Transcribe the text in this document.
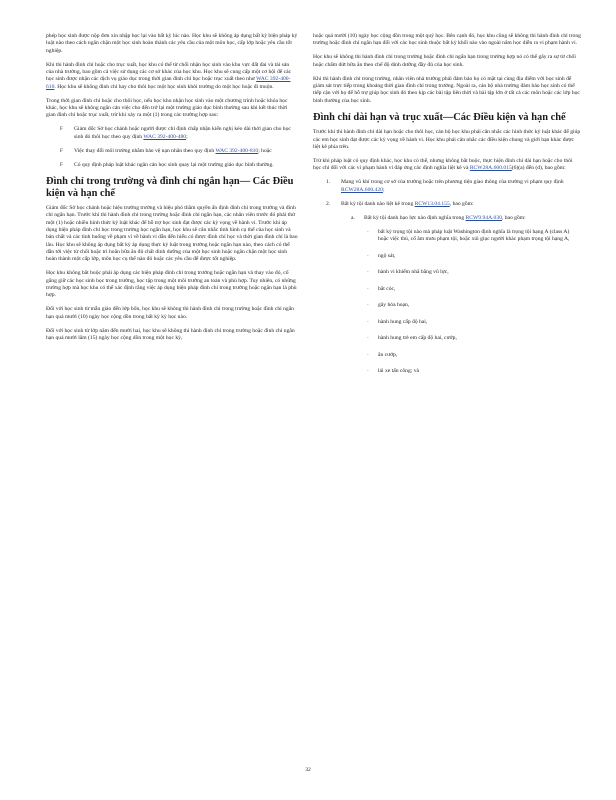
phép học sinh được nộp đơn xin nhập học lại vào bất kỳ lúc nào. Học khu sẽ không áp dụng bất kỳ biện pháp kỷ luật nào theo cách ngăn chặn một học sinh hoàn thành các yêu cầu của một môn học, cấp lớp hoặc yêu cầu tốt nghiệp.

Khi thi hành đình chỉ hoặc cho trục xuất, học khu có thể từ chối nhận học sinh vào khu vực đất đai và tài sản của nhà trường, bao gồm cả việc sử dụng các cơ sở khác của học khu. Học khu sẽ cung cấp một cơ hội để các học sinh được nhận các dịch vụ giáo dục trong thời gian đình chỉ học hoặc trục xuất theo như WAC 392-400-610. Học khu sẽ không đình chỉ hay cho thôi học một học sinh khỏi trường do một học hoặc đi muộn.

Trong thời gian đình chỉ hoặc cho thôi học, nếu học khu nhận học sinh vào một chương trình hoặc khóa học khác, học khu sẽ không ngăn cản việc cho đến trở lại một trường giáo dục bình thường sau khi kết thúc thời gian đình chỉ hoặc trục xuất, trừ khi xảy ra một (1) trong các trường hợp sau:

F Giám đốc Sở học chánh hoặc người được chỉ định chấp nhận kiến nghị kéo dài thời gian cho học sinh đó thôi học theo quy định WAC 392-400-480;
F Việc thay đổi môi trường nhằm bảo vệ nạn nhân theo quy định WAC 392-400-810; hoặc
F Có quy định pháp luật khác ngăn cản học sinh quay lại một trường giáo dục bình thường.
Đình chỉ trong trường và đình chỉ ngắn hạn— Các Điều kiện và hạn chế

Giám đốc Sở học chánh hoặc hiệu trưởng trường và hiệu phó thầm quyền ấn định đình chỉ trong trường và đình chỉ ngắn hạn. Trước khi thi hành đình chỉ trong trường hoặc đình chỉ ngắn hạn, các nhân viên trước đó phải thử một (1) hoặc nhiều hình thức kỷ luật khác để hỗ trợ học sinh đạt được các kỳ vọng về hành vi. Trước khi áp dụng biện pháp đình chỉ học trong trường học ngắn hạn, học khu sẽ cân nhắc tình hình cụ thể của học sinh và bản chất và các tình huống về phạm vi về hành vi dẫn đến hiểu có được đình chỉ học và thời gian đình chỉ là bao lâu. Học khu sẽ không áp dụng bất kỳ áp dụng thực kỷ luật trong trường hoặc ngắn hạn nào, theo cách có thể dẫn tới việc từ chối hoặc trì hoãn bữa ăn đủ chất dinh dưỡng của một học sinh hoặc ngăn chặn một học sinh hoàn thành một cấp lớp, môn học cụ thể nào đó hoặc các yêu cầu để được tốt nghiệp.

Học khu không bắt buộc phải áp dụng các biện pháp đình chỉ trong trường hoặc ngắn hạn và thay vào đó, cố gắng giữ các học sinh học trong trường, học tập trong một môi trường an toàn và phù hợp. Tuy nhiên, có những trường hợp mà học khu có thể xác định rằng việc áp dụng biện pháp đình chỉ trong trường hoặc ngắn hạn là phù hợp.

Đối với học sinh từ mẫu giáo đến lớp bốn, học khu sẽ không thi hành đình chỉ trong trường hoặc đình chỉ ngắn hạn quá mười (10) ngày học cộng dồn trong bất kỳ kỳ học nào.

Đối với học sinh từ lớp năm đến mười hai, học khu sẽ không thi hành đình chỉ trong trường hoặc đình chỉ ngắn hạn quá mười lăm (15) ngày học cộng dồn trong một học kỳ,

hoặc quá mười (10) ngày học cộng dồn trong một quý học. Bên cạnh đó, học khu cũng sẽ không thi hành đình chỉ trong trường hoặc đình chỉ ngắn hạn đối với các học sinh thuộc bất kỳ khối nào vào ngoài năm học diễn ra vi phạm hành vi.

Học khu sẽ không thi hành đình chỉ trong trường hoặc đình chỉ ngắn hạn trong trường hợp nó có thể gây ra sự từ chối hoặc chấm dứt bữa ăn theo chế độ dinh dưỡng đầy đủ của học sinh.

Khi thi hành đình chỉ trong trường, nhân viên nhà trường phải đảm bảo họ có mặt tại cùng địa điểm với học sinh để giám sát trực tiếp trong khoảng thời gian đình chỉ trong trường. Ngoài ra, cán bộ nhà trường đảm bảo học sinh có thể tiếp cận với họ để hỗ trợ giúp học sinh đó theo kịp các bài tập liên thời và bài tập lớn ở tất cả các môn hoặc các lớp học bình thường của học sinh.

Đình chỉ dài hạn và trục xuất—Các Điều kiện và hạn chế

Trước khi thi hành đình chỉ dài hạn hoặc cho thôi học, cán bộ học khu phải cân nhắc các hình thức kỷ luật khác để giúp các em học sinh đạt được các kỳ vọng về hành vi. Học khu phải cân nhắc các điều kiện chung và giới hạn khác được liệt kê phía trên.

Trừ khi pháp luật có quy định khác, học khu có thể, nhưng không bắt buộc, thực hiện đình chỉ dài hạn hoặc cho thôi học chỉ đối với các vi phạm hành vi đáp ứng các định nghĩa liệt kê và RCW28A.600.015(6)(a) đến (d), bao gồm:

1. Mang vũ khí trong cơ sở của trường hoặc trên phương tiện giao thông của trường vi phạm quy định RCW28A.600.420;
2. Bất kỳ tội danh nào liệt kê trong RCW13.04.155, bao gồm:
a. Bất kỳ tội danh bạo lực nào định nghĩa trong RCW9.94A.030, bao gồm:
· bất kỳ trọng tội nào mà pháp luật Washington định nghĩa là trọng tội hạng A (class A) hoặc việc thú, cố âm mưu phạm tội, hoặc xúi giục người khác phạm trọng tội hạng A,
· ngộ sát,
· hành vi khiếm nhã bằng vũ lực,
· bắt cóc,
· gây hỏa hoạn,
· hành hung cấp độ hai,
· hành hung trẻ em cấp độ hai, cướp,
· ăn cướp,
· lái xe tấn công; và
32
